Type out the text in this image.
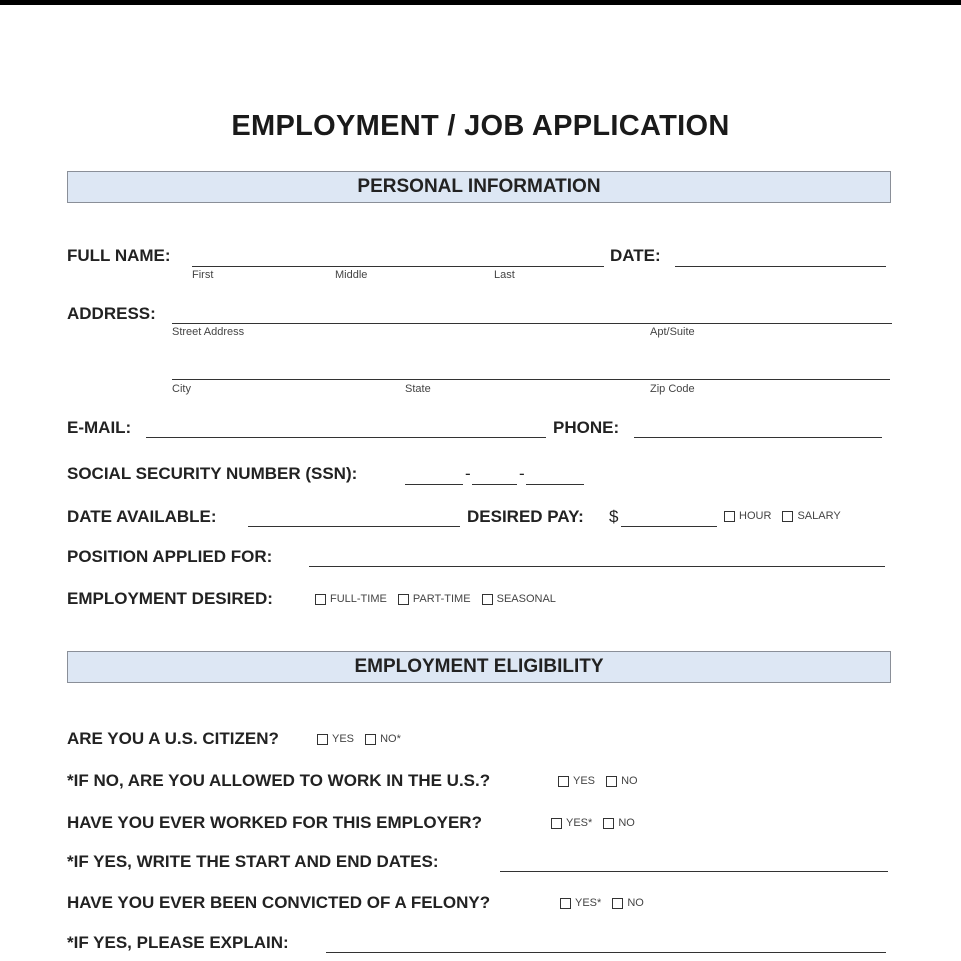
EMPLOYMENT / JOB APPLICATION
PERSONAL INFORMATION
FULL NAME:
First	Middle	Last
DATE:
ADDRESS:
Street Address	Apt/Suite
City	State	Zip Code
E-MAIL:	PHONE:
SOCIAL SECURITY NUMBER (SSN):	-	-
DATE AVAILABLE:	DESIRED PAY: $	HOUR
SALARY
POSITION APPLIED FOR:
EMPLOYMENT DESIRED:	FULL-TIME
PART-TIME
SEASONAL
EMPLOYMENT ELIGIBILITY
ARE YOU A U.S. CITIZEN?	YES
NO*
*IF NO, ARE YOU ALLOWED TO WORK IN THE U.S.?	YES
NO
HAVE YOU EVER WORKED FOR THIS EMPLOYER?	YES*
NO
*IF YES, WRITE THE START AND END DATES:
HAVE YOU EVER BEEN CONVICTED OF A FELONY?	YES*
NO
*IF YES, PLEASE EXPLAIN:
